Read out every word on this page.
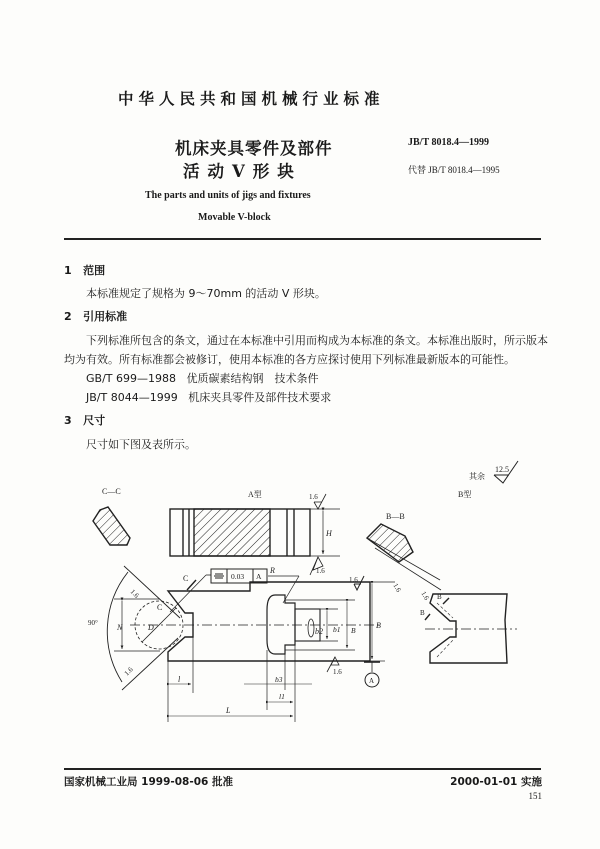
中华人民共和国机械行业标准
机床夹具零件及部件
活动V形块
JB/T 8018.4—1999
代替 JB/T 8018.4—1995
The parts and units of jigs and fixtures
Movable V-block
1 范围
本标准规定了规格为 9～70mm 的活动 V 形块。
2 引用标准
下列标准所包含的条文，通过在本标准中引用而构成为本标准的条文。本标准出版时，所示版本
均为有效。所有标准都会被修订，使用本标准的各方应探讨使用下列标准最新版本的可能性。
GB/T 699—1988 优质碳素结构钢　技术条件
JB/T 8044—1999 机床夹具零件及部件技术要求
3 尺寸
尺寸如下图及表所示。
其余
12.5
B型
A型
C—C
B—B
H
1.6
1.6
1.6
90°
1.6
1.6
N	D
C
C	0.03 A
R
b2 b1 B
B
1.6
1.6
A
l	b3
l1
L
B
B
1.6
国家机械工业局 1999-08-06 批准	2000-01-01 实施
151
